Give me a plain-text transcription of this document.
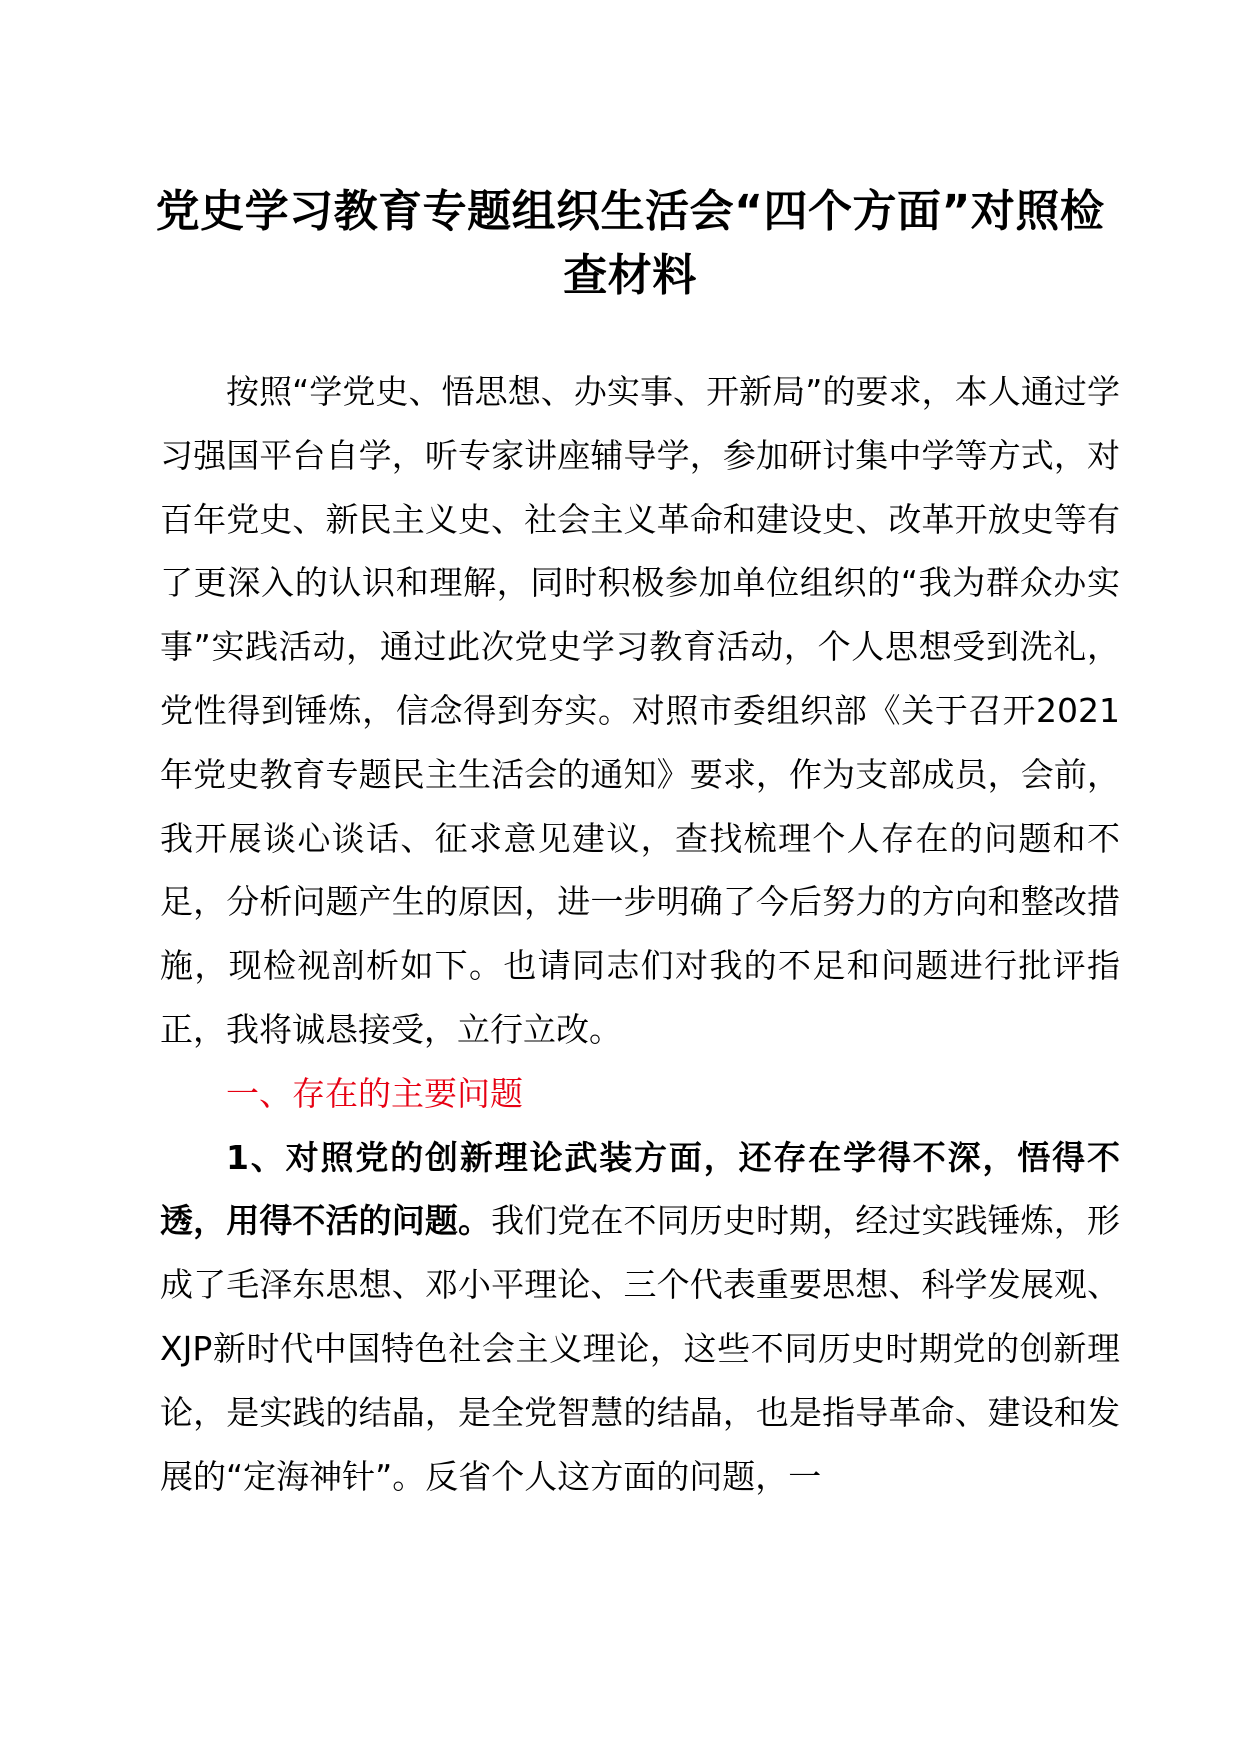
党史学习教育专题组织生活会“四个方面”对照检查材料

按照“学党史、悟思想、办实事、开新局”的要求，本人通过学习强国平台自学，听专家讲座辅导学，参加研讨集中学等方式，对百年党史、新民主义史、社会主义革命和建设史、改革开放史等有了更深入的认识和理解，同时积极参加单位组织的“我为群众办实事”实践活动，通过此次党史学习教育活动，个人思想受到洗礼，党性得到锤炼，信念得到夯实。对照市委组织部《关于召开2021年党史教育专题民主生活会的通知》要求，作为支部成员，会前，我开展谈心谈话、征求意见建议，查找梳理个人存在的问题和不足，分析问题产生的原因，进一步明确了今后努力的方向和整改措施，现检视剖析如下。也请同志们对我的不足和问题进行批评指正，我将诚恳接受，立行立改。

一、存在的主要问题

1、对照党的创新理论武装方面，还存在学得不深，悟得不透，用得不活的问题。我们党在不同历史时期，经过实践锤炼，形成了毛泽东思想、邓小平理论、三个代表重要思想、科学发展观、XJP新时代中国特色社会主义理论，这些不同历史时期党的创新理论，是实践的结晶，是全党智慧的结晶，也是指导革命、建设和发展的“定海神针”。反省个人这方面的问题，一
